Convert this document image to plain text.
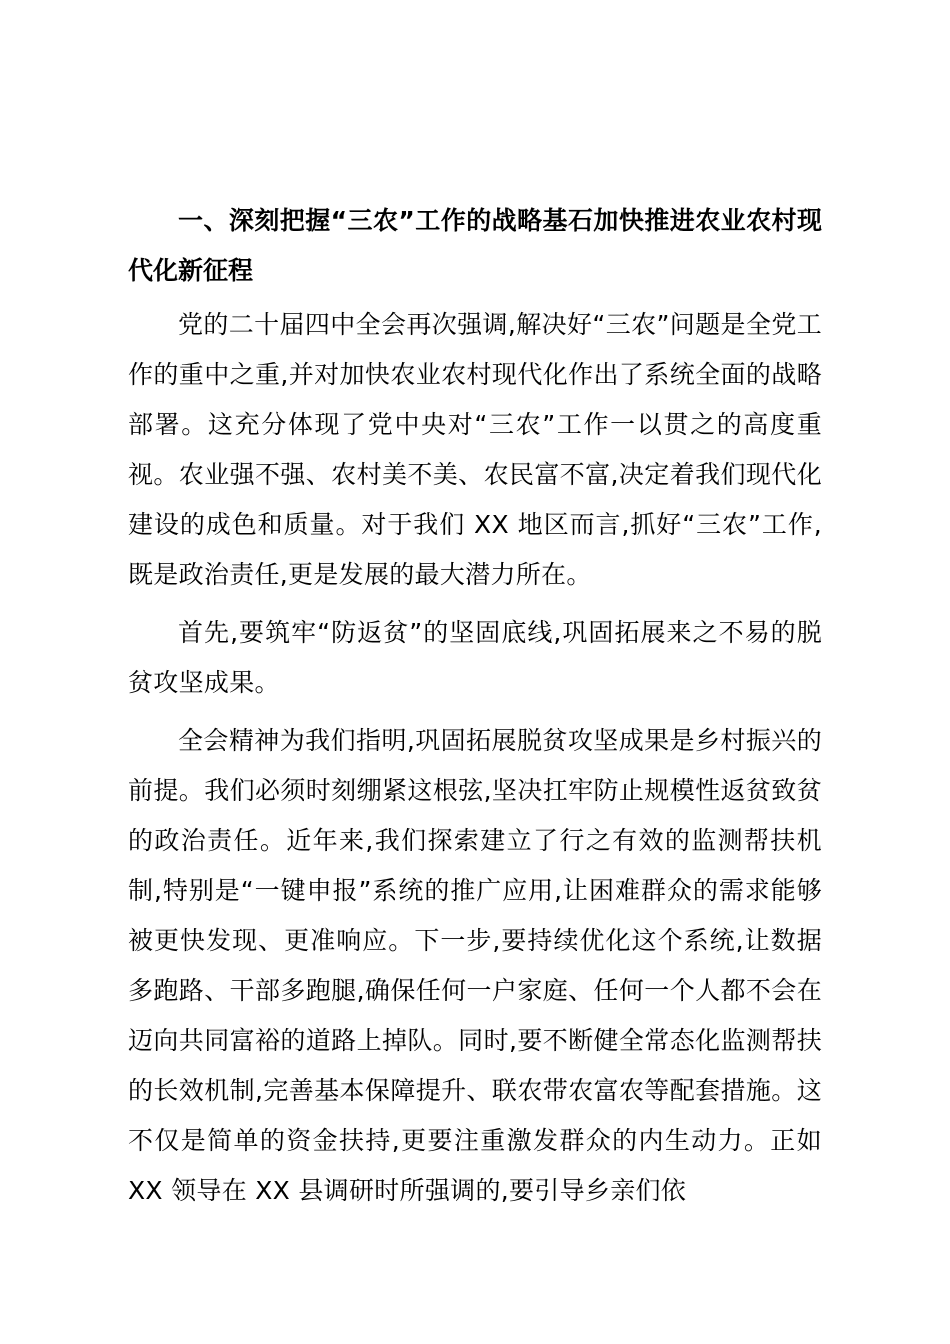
一、深刻把握“三农”工作的战略基石加快推进农业农村现代化新征程

党的二十届四中全会再次强调,解决好“三农”问题是全党工作的重中之重,并对加快农业农村现代化作出了系统全面的战略部署。这充分体现了党中央对“三农”工作一以贯之的高度重视。农业强不强、农村美不美、农民富不富,决定着我们现代化建设的成色和质量。对于我们 XX 地区而言,抓好“三农”工作,既是政治责任,更是发展的最大潜力所在。

首先,要筑牢“防返贫”的坚固底线,巩固拓展来之不易的脱贫攻坚成果。

全会精神为我们指明,巩固拓展脱贫攻坚成果是乡村振兴的前提。我们必须时刻绷紧这根弦,坚决扛牢防止规模性返贫致贫的政治责任。近年来,我们探索建立了行之有效的监测帮扶机制,特别是“一键申报”系统的推广应用,让困难群众的需求能够被更快发现、更准响应。下一步,要持续优化这个系统,让数据多跑路、干部多跑腿,确保任何一户家庭、任何一个人都不会在迈向共同富裕的道路上掉队。同时,要不断健全常态化监测帮扶的长效机制,完善基本保障提升、联农带农富农等配套措施。这不仅是简单的资金扶持,更要注重激发群众的内生动力。正如 XX 领导在 XX 县调研时所强调的,要引导乡亲们依
